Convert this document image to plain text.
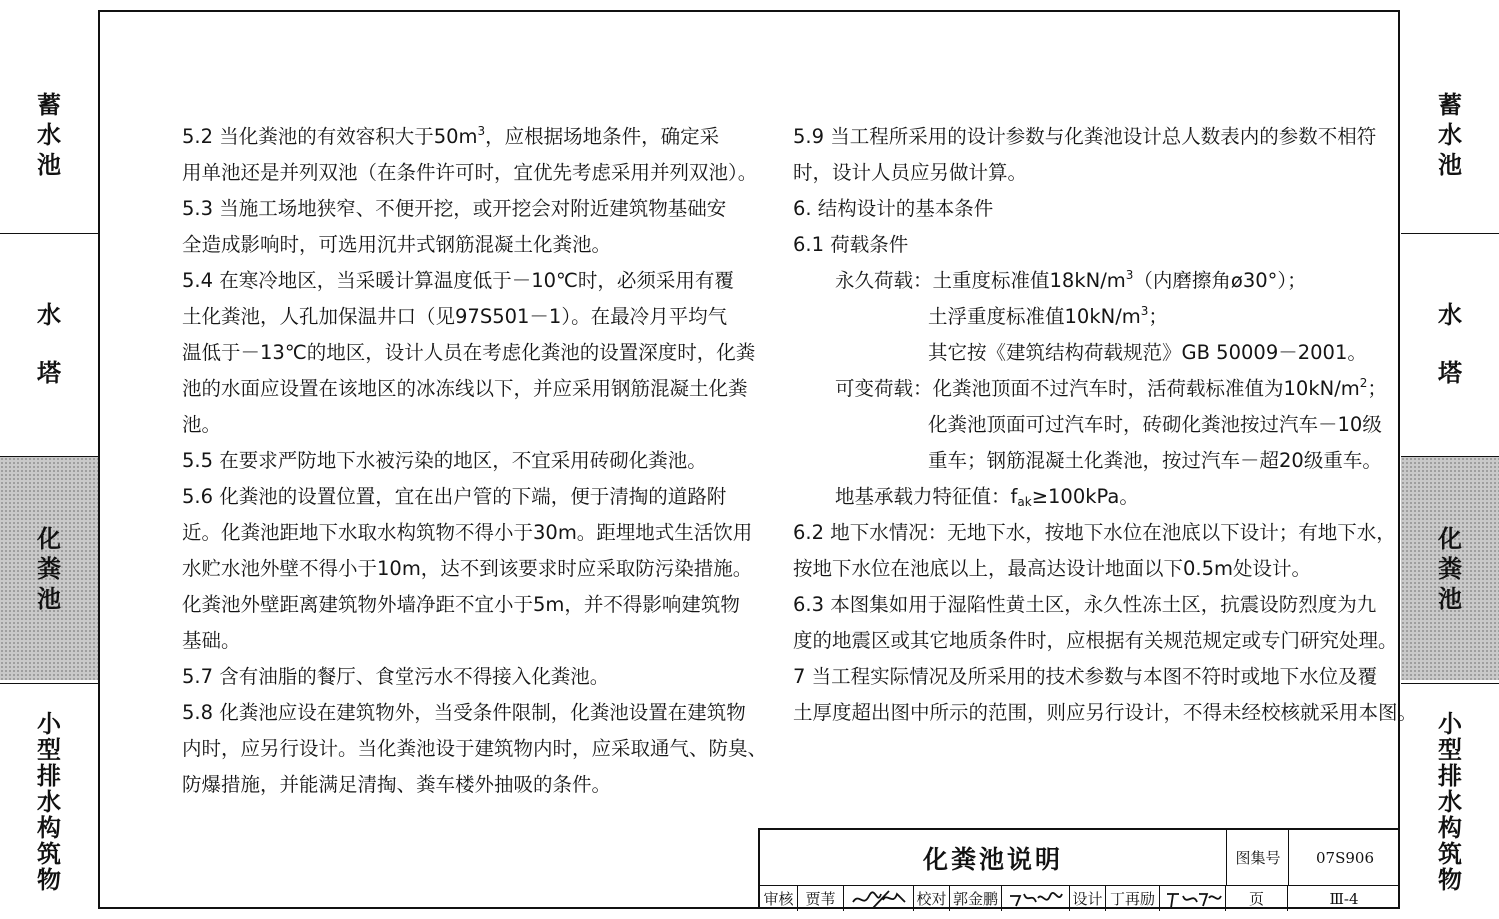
蓄
水
池
水
塔
化
粪
池
小
型
排
水
构
筑
物
蓄
水
池
水
塔
化
粪
池
小
型
排
水
构
筑
物
5.2 当化粪池的有效容积大于$50m^3$，应根据场地条件，确定采
用单池还是并列双池（在条件许可时，宜优先考虑采用并列双池）。
5.3 当施工场地狭窄、不便开挖，或开挖会对附近建筑物基础安
全造成影响时，可选用沉井式钢筋混凝土化粪池。
5.4 在寒冷地区，当采暖计算温度低于－10℃时，必须采用有覆
土化粪池，人孔加保温井口（见97S501－1）。在最冷月平均气
温低于－13℃的地区，设计人员在考虑化粪池的设置深度时，化粪
池的水面应设置在该地区的冰冻线以下，并应采用钢筋混凝土化粪
池。
5.5 在要求严防地下水被污染的地区，不宜采用砖砌化粪池。
5.6 化粪池的设置位置，宜在出户管的下端，便于清掏的道路附
近。化粪池距地下水取水构筑物不得小于30m。距埋地式生活饮用
水贮水池外壁不得小于10m，达不到该要求时应采取防污染措施。
化粪池外壁距离建筑物外墙净距不宜小于5m，并不得影响建筑物
基础。
5.7 含有油脂的餐厅、食堂污水不得接入化粪池。
5.8 化粪池应设在建筑物外，当受条件限制，化粪池设置在建筑物
内时，应另行设计。当化粪池设于建筑物内时，应采取通气、防臭、
防爆措施，并能满足清掏、粪车楼外抽吸的条件。
5.9 当工程所采用的设计参数与化粪池设计总人数表内的参数不相符
时，设计人员应另做计算。
6. 结构设计的基本条件
6.1 荷载条件
永久荷载：土重度标准值$18kN/m^3$（内磨擦角ø30°）；
土浮重度标准值$10kN/m^3$；
其它按《建筑结构荷载规范》GB 50009－2001。
可变荷载：化粪池顶面不过汽车时，活荷载标准值为$10kN/m^2$；
化粪池顶面可过汽车时，砖砌化粪池按过汽车－10级
重车；钢筋混凝土化粪池，按过汽车－超20级重车。
地基承载力特征值：$f_{ak}\ge 100kPa$。
6.2 地下水情况：无地下水，按地下水位在池底以下设计；有地下水，
按地下水位在池底以上，最高达设计地面以下0.5m处设计。
6.3 本图集如用于湿陷性黄土区，永久性冻土区，抗震设防烈度为九
度的地震区或其它地质条件时，应根据有关规范规定或专门研究处理。
7 当工程实际情况及所采用的技术参数与本图不符时或地下水位及覆
土厚度超出图中所示的范围，则应另行设计，不得未经校核就采用本图。
化粪池说明	图集号	07S906
审核 贾苇	校对 郭金鹏	设计 丁再励	页	Ⅲ-4
